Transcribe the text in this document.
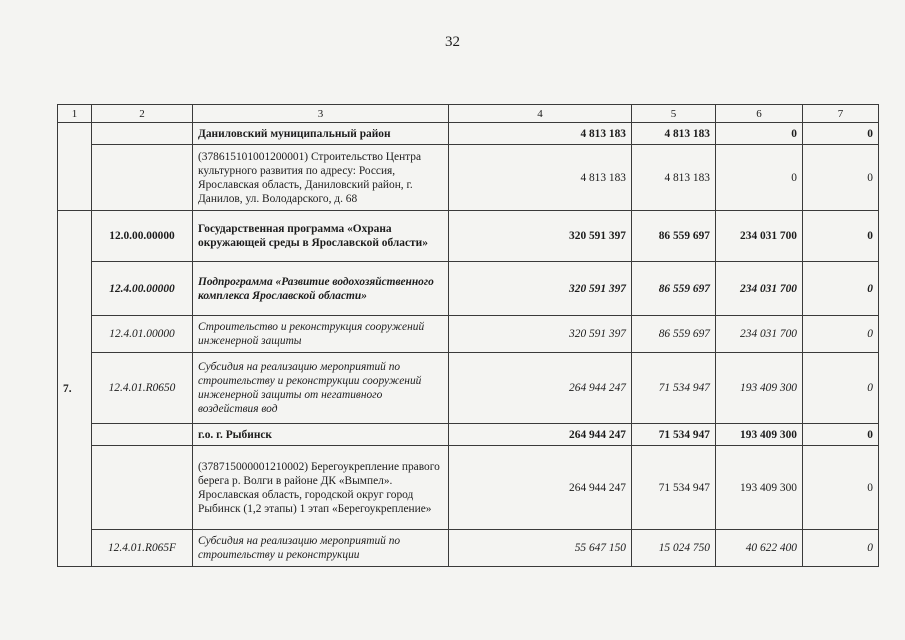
32
1	2	3	4	5	6	7
		Даниловский муниципальный район	4 813 183	4 813 183	0	0
		(378615101001200001) Строительство Центра культурного развития по адресу: Россия, Ярославская область, Даниловский район, г. Данилов, ул. Володарского, д. 68	4 813 183	4 813 183	0	0
7.	12.0.00.00000	Государственная программа «Охрана окружающей среды в Ярославской области»	320 591 397	86 559 697	234 031 700	0
	12.4.00.00000	Подпрограмма «Развитие водохозяйственного комплекса Ярославской области»	320 591 397	86 559 697	234 031 700	0
	12.4.01.00000	Строительство и реконструкция сооружений инженерной защиты	320 591 397	86 559 697	234 031 700	0
	12.4.01.R0650	Субсидия на реализацию мероприятий по строительству и реконструкции сооружений инженерной защиты от негативного воздействия вод	264 944 247	71 534 947	193 409 300	0
		г.о. г. Рыбинск	264 944 247	71 534 947	193 409 300	0
		(378715000001210002) Берегоукрепление правого берега р. Волги в районе ДК «Вымпел». Ярославская область, городской округ город Рыбинск (1,2 этапы) 1 этап «Берегоукрепление»	264 944 247	71 534 947	193 409 300	0
	12.4.01.R065F	Субсидия на реализацию мероприятий по строительству и реконструкции	55 647 150	15 024 750	40 622 400	0
